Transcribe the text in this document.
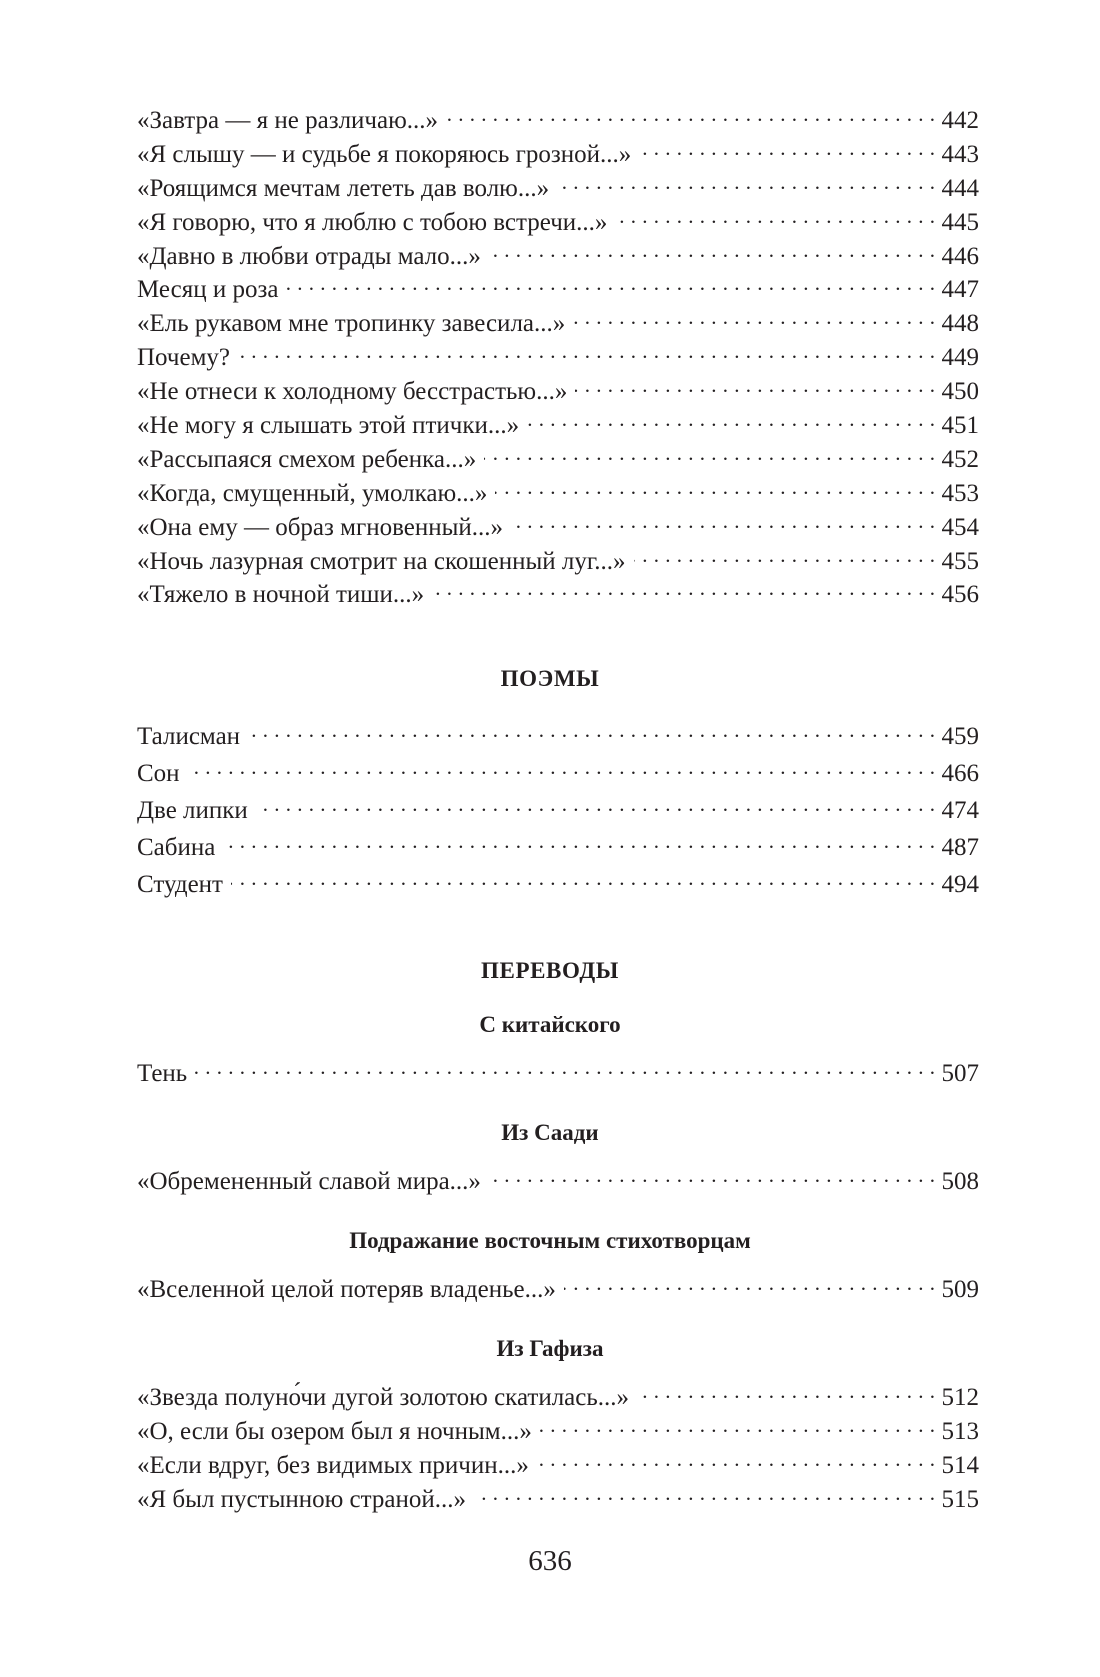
«Завтра — я не различаю...» . . .	442
«Я слышу — и судьбе я покоряюсь грозной...» . . .	443
«Роящимся мечтам лететь дав волю...» . . .	444
«Я говорю, что я люблю с тобою встречи...» . . .	445
«Давно в любви отрады мало...» . . .	446
Месяц и роза . . .	447
«Ель рукавом мне тропинку завесила...» . . .	448
Почему? . . .	449
«Не отнеси к холодному бесстрастью...» . . .	450
«Не могу я слышать этой птички...» . . .	451
«Рассыпаяся смехом ребенка...» . . .	452
«Когда, смущенный, умолкаю...» . . .	453
«Она ему — образ мгновенный...» . . .	454
«Ночь лазурная смотрит на скошенный луг...» . . .	455
«Тяжело в ночной тиши...» . . .	456
ПОЭМЫ
Талисман . . .	459
Сон . . .	466
Две липки . . .	474
Сабина . . .	487
Студент . . .	494
ПЕРЕВОДЫ
С китайского
Тень . . .	507
Из Саади
«Обремененный славой мира...» . . .	508
Подражание восточным стихотворцам
«Вселенной целой потеряв владенье...» . . .	509
Из Гафиза
«Звезда полуно́чи дугой золотою скатилась...» . . .	512
«О, если бы озером был я ночным...» . . .	513
«Если вдруг, без видимых причин...» . . .	514
«Я был пустынною страной...» . . .	515
636
